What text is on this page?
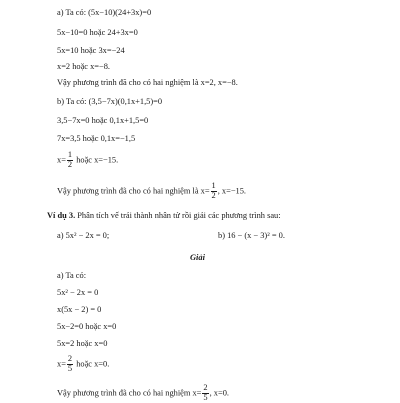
a) Ta có: (5x−10)(24+3x)=0
5x−10=0 hoặc 24+3x=0
5x=10 hoặc 3x=−24
x=2 hoặc x=−8.
Vậy phương trình đã cho có hai nghiệm là x=2, x=−8.
b) Ta có: (3,5−7x)(0,1x+1,5)=0
3,5−7x=0 hoặc 0,1x+1,5=0
7x=3,5 hoặc 0,1x=−1,5
$x= \frac{1}{2}$ hoặc x=−15.
Vậy phương trình đã cho có hai nghiệm là $x= \frac{1}{2}$ , x=−15.
Ví dụ 3. Phân tích vế trái thành nhân tử rồi giải các phương trình sau:
a) 5x² − 2x = 0;	b) 16 − (x − 3)² = 0.
Giải
a) Ta có:
5x² − 2x = 0
x(5x − 2) = 0
5x−2=0 hoặc x=0
5x=2 hoặc x=0
$x= \frac{2}{5}$ hoặc x=0.
Vậy phương trình đã cho có hai nghiệm $x= \frac{2}{5}$ , x=0.
